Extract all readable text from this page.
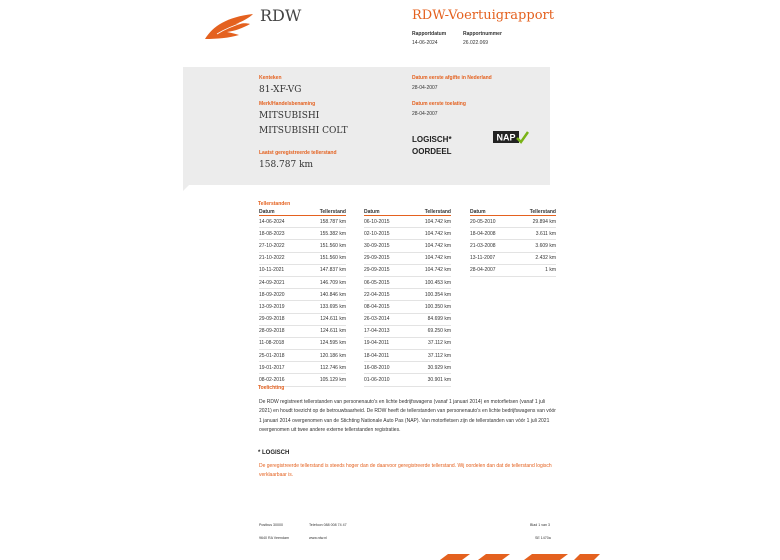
RDW	RDW-Voertuigrapport
Rapportdatum
14-06-2024
Rapportnummer
26.022.069
Kenteken
81-XF-VG
Merk/Handelsbenaming
MITSUBISHI
MITSUBISHI COLT
Laatst geregistreerde tellerstand
158.787 km
Datum eerste afgifte in Nederland
28-04-2007
Datum eerste toelating
28-04-2007
LOGISCH*
OORDEEL
NAP
Tellerstanden
Datum	Tellerstand
14-06-2024	158.787 km
18-08-2023	155.382 km
27-10-2022	151.560 km
21-10-2022	151.560 km
10-11-2021	147.837 km
24-09-2021	146.709 km
18-09-2020	140.846 km
13-09-2019	133.695 km
29-09-2018	124.611 km
28-09-2018	124.611 km
11-08-2018	124.595 km
25-01-2018	120.186 km
19-01-2017	112.746 km
08-02-2016	105.129 km
Datum	Tellerstand
06-10-2015	104.742 km
02-10-2015	104.742 km
30-09-2015	104.742 km
29-09-2015	104.742 km
29-09-2015	104.742 km
06-05-2015	100.453 km
22-04-2015	100.354 km
08-04-2015	100.350 km
26-03-2014	84.699 km
17-04-2013	69.250 km
19-04-2011	37.112 km
18-04-2011	37.112 km
16-08-2010	30.929 km
01-06-2010	30.901 km
Datum	Tellerstand
20-05-2010	29.894 km
18-04-2008	3.611 km
21-03-2008	3.609 km
13-11-2007	2.432 km
28-04-2007	1 km
Toelichting
De RDW registreert tellerstanden van personenauto's en lichte bedrijfswagens (vanaf 1 januari 2014) en motorfietsen (vanaf 1 juli 2021) en houdt toezicht op de betrouwbaarheid. De RDW heeft de tellerstanden van personenauto's en lichte bedrijfswagens van vóór 1 januari 2014 overgenomen van de Stichting Nationale Auto Pas (NAP). Van motorfietsen zijn de tellerstanden van vóór 1 juli 2021 overgenomen uit twee andere externe tellerstanden registraties.
* LOGISCH
De geregistreerde tellerstand is steeds hoger dan de daarvoor geregistreerde tellerstand. Wij oordelen dan dat de tellerstand logisch verklaarbaar is.
Postbus 30000
9640 RA Veendam
Telefoon 088 008 74 47
www.rdw.nl
Blad 1 van 3
SE 1470a
